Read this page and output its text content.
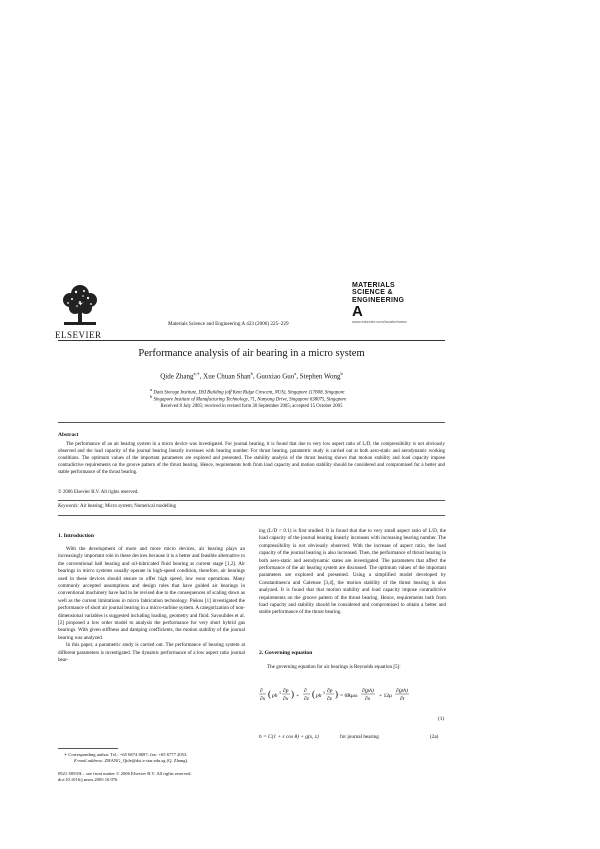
ELSEVIER
MATERIALS
SCIENCE &
ENGINEERING
A
www.elsevier.com/locate/msea
Materials Science and Engineering A 423 (2006) 225–229
Performance analysis of air bearing in a micro system
Qide Zhang$^{a,∗}$, Xue Chuan Shan$^b$, Guoxiao Guo$^a$, Stephen Wong$^b$
$^a$ Data Storage Institute, DSI Building (off Kent Ridge Crescent, NUS), Singapore 117608, Singapore
$^b$ Singapore Institute of Manufacturing Technology, 71, Nanyang Drive, Singapore 638075, Singapore
Received 8 July 2005; received in revised form 30 September 2005; accepted 15 October 2005
Abstract
The performance of an air bearing system in a micro device was investigated. For journal bearing, it is found that due to very low aspect ratio of L/D, the compressibility is not obviously observed and the load capacity of the journal bearing linearly increases with bearing number. For thrust bearing, parametric study is carried out at both aero-static and aerodynamic working conditions. The optimum values of the important parameters are explored and presented. The stability analysis of the thrust bearing shows that motion stability and load capacity impose contradictive requirements on the groove pattern of the thrust bearing. Hence, requirements both from load capacity and motion stability should be considered and compromised for a better and stable performance of the thrust bearing.
© 2006 Elsevier B.V. All rights reserved.
Keywords: Air bearing; Micro system; Numerical modelling
1. Introduction

With the development of more and more micro devices, air bearing plays an increasingly important role in these devices because it is a better and feasible alternative to the conventional ball bearing and oil-lubricated fluid bearing at current stage [1,2]. Air bearings in micro systems usually operate in high-speed condition, therefore, air bearings used in these devices should ensure to offer high speed, low wear operations. Many commonly accepted assumptions and design rules that have guided air bearings in conventional machinery have had to be revised due to the consequences of scaling down as well as the current limitations in micro fabrication technology. Piekos [1] investigated the performance of short air journal bearing in a micro-turbine system. A categorization of non-dimensional variables is suggested including loading, geometry and fluid. Savoulides et al. [2] proposed a low order model to analysis the performance for very short hybrid gas bearings. With given stiffness and damping coefficients, the motion stability of the journal bearing was analyzed.

In this paper, a parametric study is carried out. The performance of bearing system at different parameters is investigated. The dynamic performance of a low aspect ratio journal bear-

ing (L/D < 0.1) is first studied. It is found that due to very small aspect ratio of L/D, the load capacity of the journal bearing linearly increases with increasing bearing number. The compressibility is not obviously observed. With the increase of aspect ratio, the load capacity of the journal bearing is also increased. Then, the performance of thrust bearing in both aero-static and aerodynamic states are investigated. The parameters that affect the performance of the air bearing system are discussed. The optimum values of the important parameters are explored and presented. Using a simplified model developed by Constantinescu and Galetuse [3,4], the motion stability of the thrust bearing is also analyzed. It is found that that motion stability and load capacity impose contradictive requirements on the groove pattern of the thrust bearing. Hence, requirements both from load capacity and stability should be considered and compromised to obtain a better and stable performance of the thrust bearing.

2. Governing equation

The governing equation for air bearings is Reynolds equation [5]:

∂
∂x ( ph 3 ∂p
∂x ) +
∂
∂z ( ph 3 ∂p
∂z ) = 6Rμω
∂(ph)
∂x + 12μ
∂(ph)
∂t
(1)
h = C(1 + ε cos θ) + g(x, z)	for journal bearing	(2a)
∗ Corresponding author. Tel.: +65 6874 8697; fax: +65 6777 2053.
E-mail address: ZHANG_Qide@dsi.a-star.edu.sg (Q. Zhang).
0921-5093/$ – see front matter © 2006 Elsevier B.V. All rights reserved.
doi:10.1016/j.msea.2005.10.076
